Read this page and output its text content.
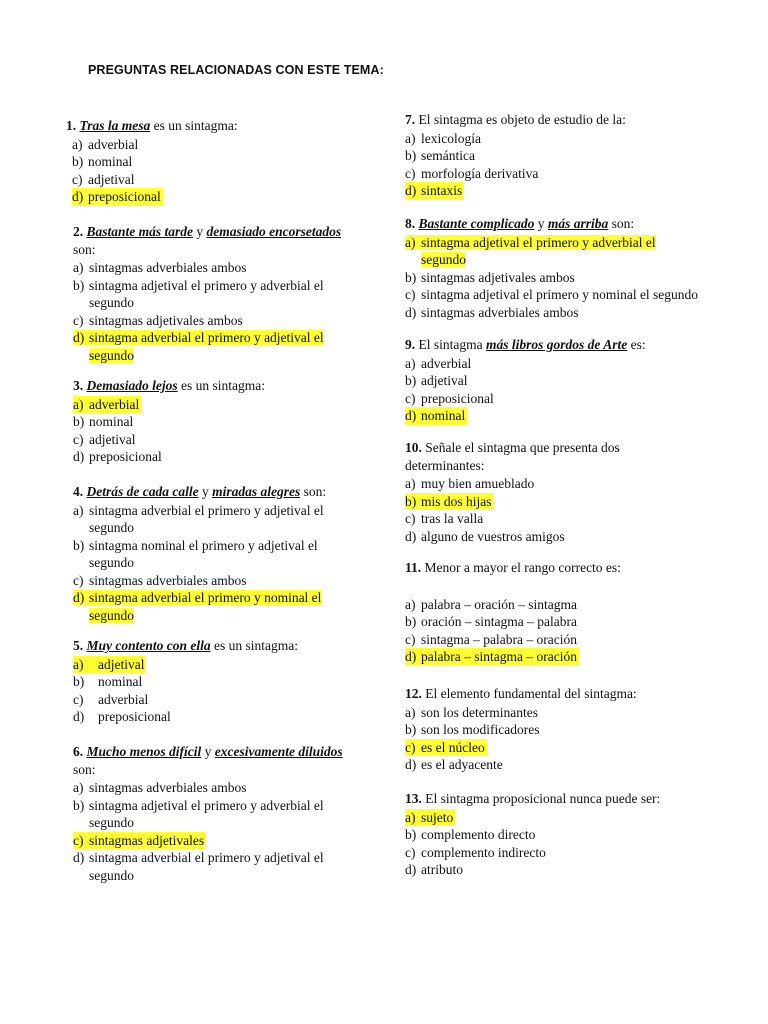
PREGUNTAS RELACIONADAS CON ESTE TEMA:
1. Tras la mesa es un sintagma:
a) adverbial
b) nominal
c) adjetival
d) preposicional
2. Bastante más tarde y demasiado encorsetados
son:
a) sintagmas adverbiales ambos
b) sintagma adjetival el primero y adverbial el segundo
c) sintagmas adjetivales ambos
d) sintagma adverbial el primero y adjetival el segundo
3. Demasiado lejos es un sintagma:
a) adverbial
b) nominal
c) adjetival
d) preposicional
4. Detrás de cada calle y miradas alegres son:
a) sintagma adverbial el primero y adjetival el segundo
b) sintagma nominal el primero y adjetival el segundo
c) sintagmas adverbiales ambos
d) sintagma adverbial el primero y nominal el segundo
5. Muy contento con ella es un sintagma:
a) adjetival
b) nominal
c) adverbial
d) preposicional
6. Mucho menos difícil y excesivamente diluidos
son:
a) sintagmas adverbiales ambos
b) sintagma adjetival el primero y adverbial el segundo
c) sintagmas adjetivales
d) sintagma adverbial el primero y adjetival el segundo
7. El sintagma es objeto de estudio de la:
a) lexicología
b) semántica
c) morfología derivativa
d) sintaxis
8. Bastante complicado y más arriba son:
a) sintagma adjetival el primero y adverbial el segundo
b) sintagmas adjetivales ambos
c) sintagma adjetival el primero y nominal el segundo
d) sintagmas adverbiales ambos
9. El sintagma más libros gordos de Arte es:
a) adverbial
b) adjetival
c) preposicional
d) nominal
10. Señale el sintagma que presenta dos determinantes:
a) muy bien amueblado
b) mis dos hijas
c) tras la valla
d) alguno de vuestros amigos
11. Menor a mayor el rango correcto es:
a) palabra – oración – sintagma
b) oración – sintagma – palabra
c) sintagma – palabra – oración
d) palabra – sintagma – oración
12. El elemento fundamental del sintagma:
a) son los determinantes
b) son los modificadores
c) es el núcleo
d) es el adyacente
13. El sintagma proposicional nunca puede ser:
a) sujeto
b) complemento directo
c) complemento indirecto
d) atributo
